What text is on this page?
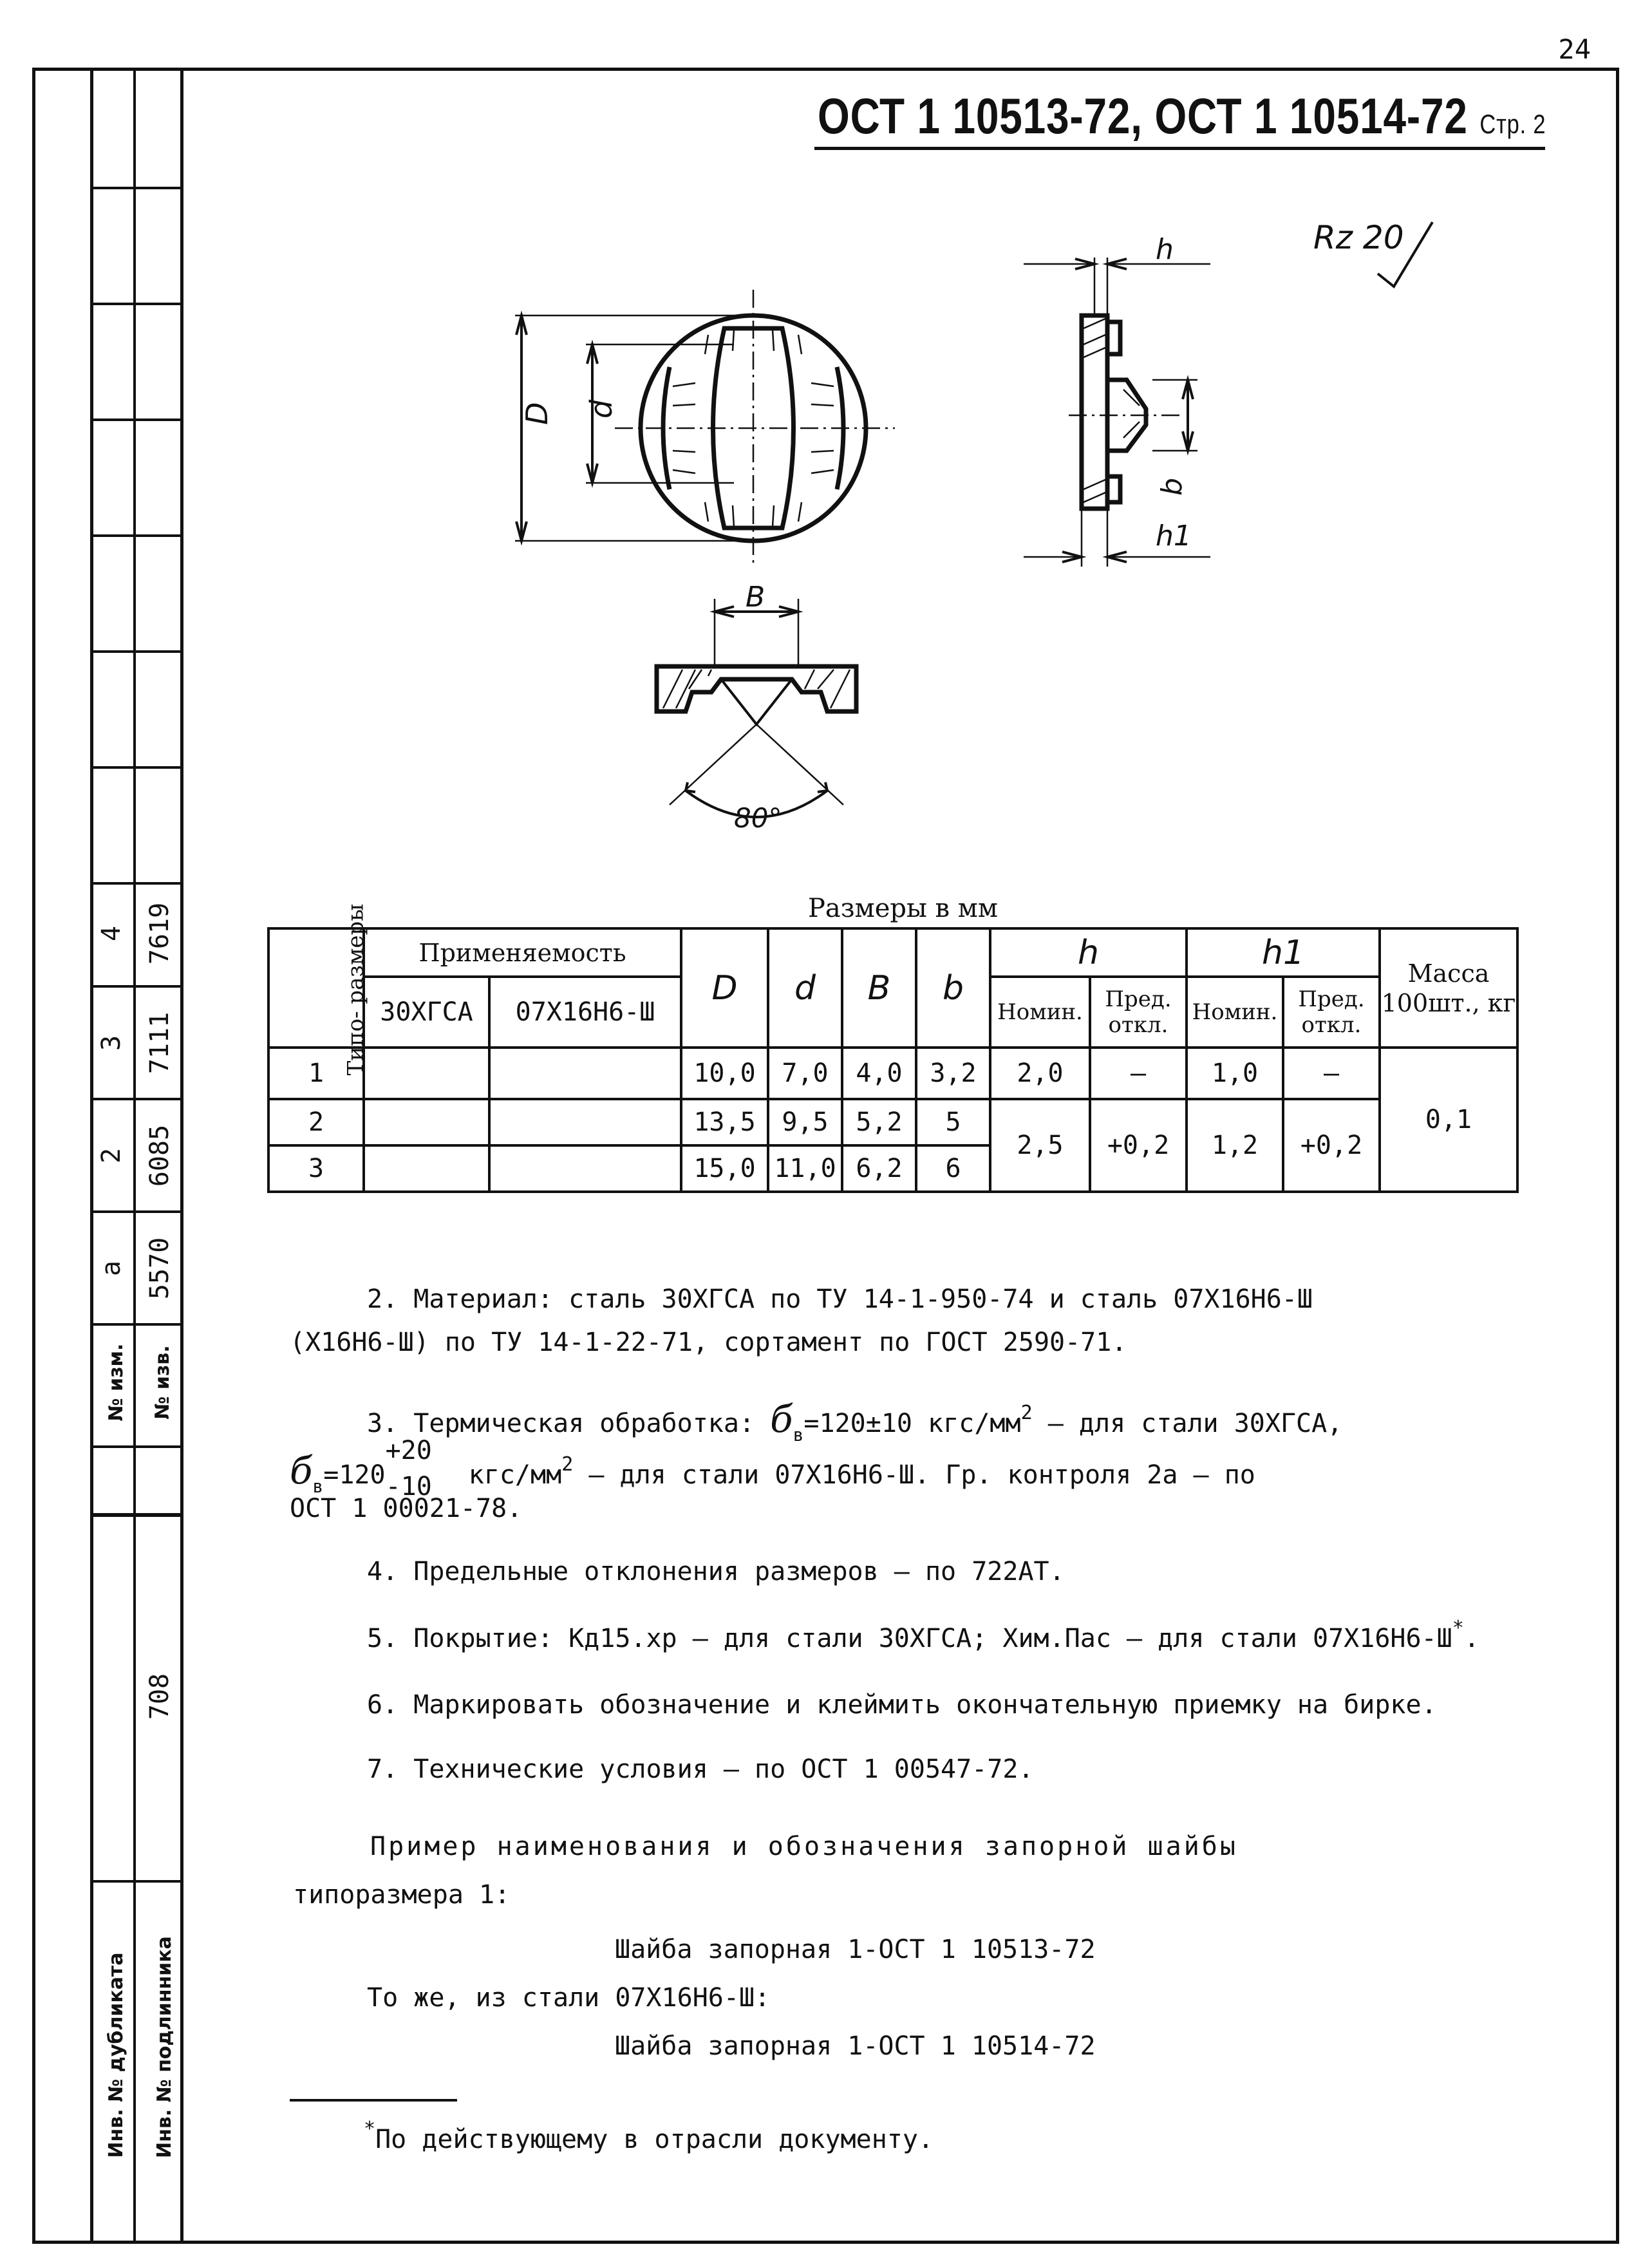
4 7619
3 7111
2 6085
a 5570
№ изм. № изв.
708
Инв. № дубликата Инв. № подлинника
24
ОСТ 1 10513-72, ОСТ 1 10514-72 Стр. 2
Rz 20
D d
h
b
h1
B
80°
Размеры в мм
Типо- размеры	Применяемость		D	d	B	b	h		h1		Масса 100шт., кг
	30ХГСА	07Х16Н6-Ш					Номин.	Пред. откл.	Номин.	Пред. откл.	
1			10,0	7,0	4,0	3,2	2,0	–	1,0	–	0,1
2			13,5	9,5	5,2	5	2,5	+0,2	1,2	+0,2	
3			15,0	11,0	6,2	6					
2. Материал: сталь 30ХГСА по ТУ 14-1-950-74 и сталь 07Х16Н6-Ш
(Х16Н6-Ш) по ТУ 14-1-22-71, сортамент по ГОСТ 2590-71.
3. Термическая обработка: $б_в=120\pm 10$ кгс/$мм^2$ – для стали 30ХГСА,
$б_в=120$
+20
-10 кгс/$мм^2$ – для стали 07Х16Н6-Ш. Гр. контроля 2а – по
ОСТ 1 00021-78.
4. Предельные отклонения размеров – по 722АТ.
5. Покрытие: Кд15.хр – для стали 30ХГСА; Хим.Пас – для стали 07Х16Н6-Ш*.
6. Маркировать обозначение и клеймить окончательную приемку на бирке.
7. Технические условия – по ОСТ 1 00547-72.
Пример наименования и обозначения запорной шайбы
типоразмера 1:
Шайба запорная 1-ОСТ 1 10513-72
То же, из стали 07Х16Н6-Ш:
Шайба запорная 1-ОСТ 1 10514-72
*По действующему в отрасли документу.
